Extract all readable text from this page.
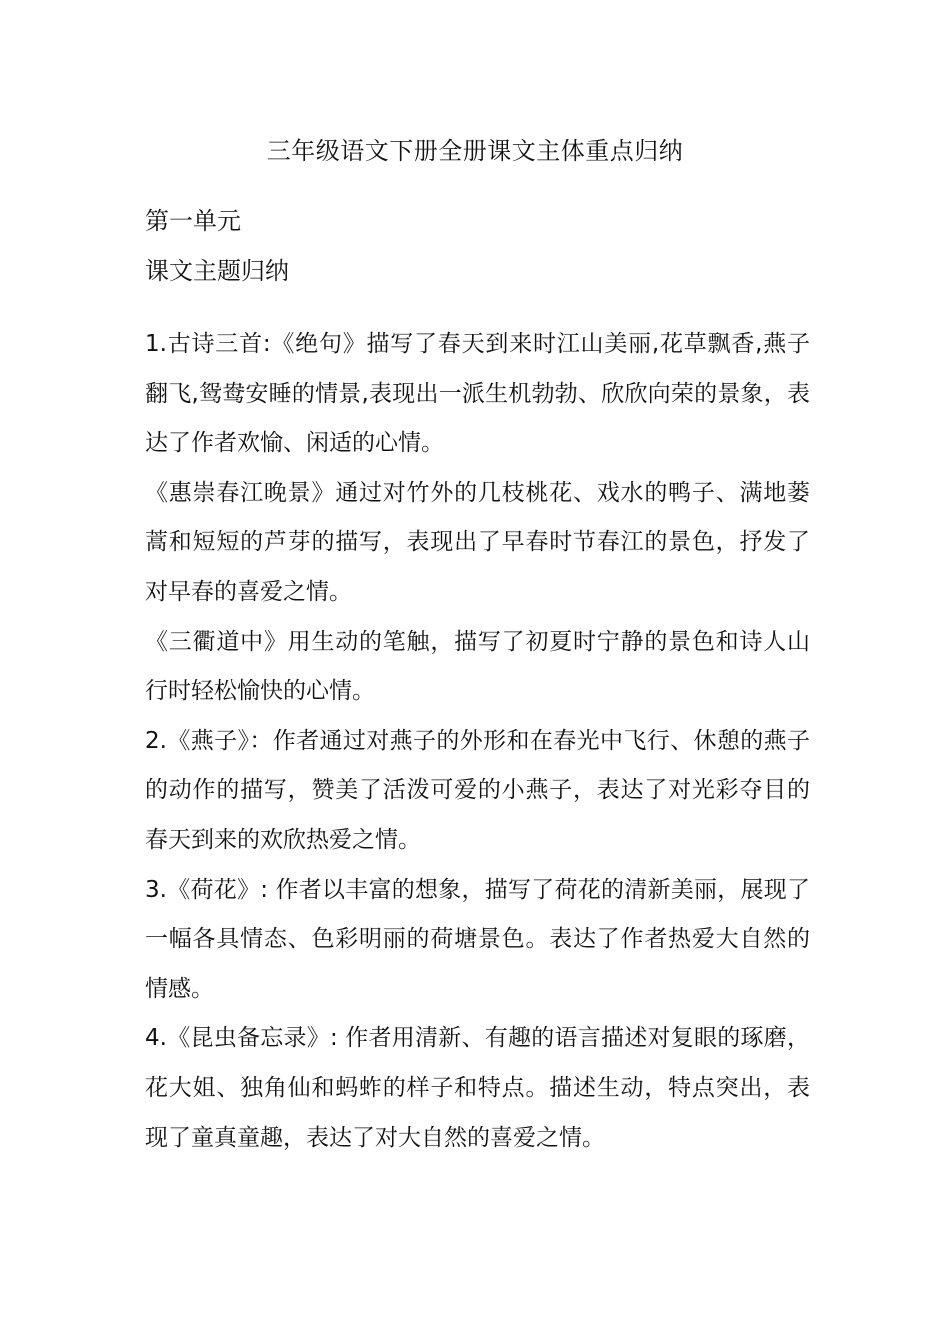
三年级语文下册全册课文主体重点归纳
第一单元
课文主题归纳

1.古诗三首:《绝句》描写了春天到来时江山美丽,花草飘香,燕子翻飞,鸳鸯安睡的情景,表现出一派生机勃勃、欣欣向荣的景象，表达了作者欢愉、闲适的心情。

《惠崇春江晚景》通过对竹外的几枝桃花、戏水的鸭子、满地蒌蒿和短短的芦芽的描写，表现出了早春时节春江的景色，抒发了对早春的喜爱之情。

《三衢道中》用生动的笔触，描写了初夏时宁静的景色和诗人山行时轻松愉快的心情。

2.《燕子》：作者通过对燕子的外形和在春光中飞行、休憩的燕子的动作的描写，赞美了活泼可爱的小燕子，表达了对光彩夺目的春天到来的欢欣热爱之情。

3.《荷花》: 作者以丰富的想象，描写了荷花的清新美丽，展现了一幅各具情态、色彩明丽的荷塘景色。表达了作者热爱大自然的情感。

4.《昆虫备忘录》: 作者用清新、有趣的语言描述对复眼的琢磨，花大姐、独角仙和蚂蚱的样子和特点。描述生动，特点突出，表现了童真童趣，表达了对大自然的喜爱之情。
